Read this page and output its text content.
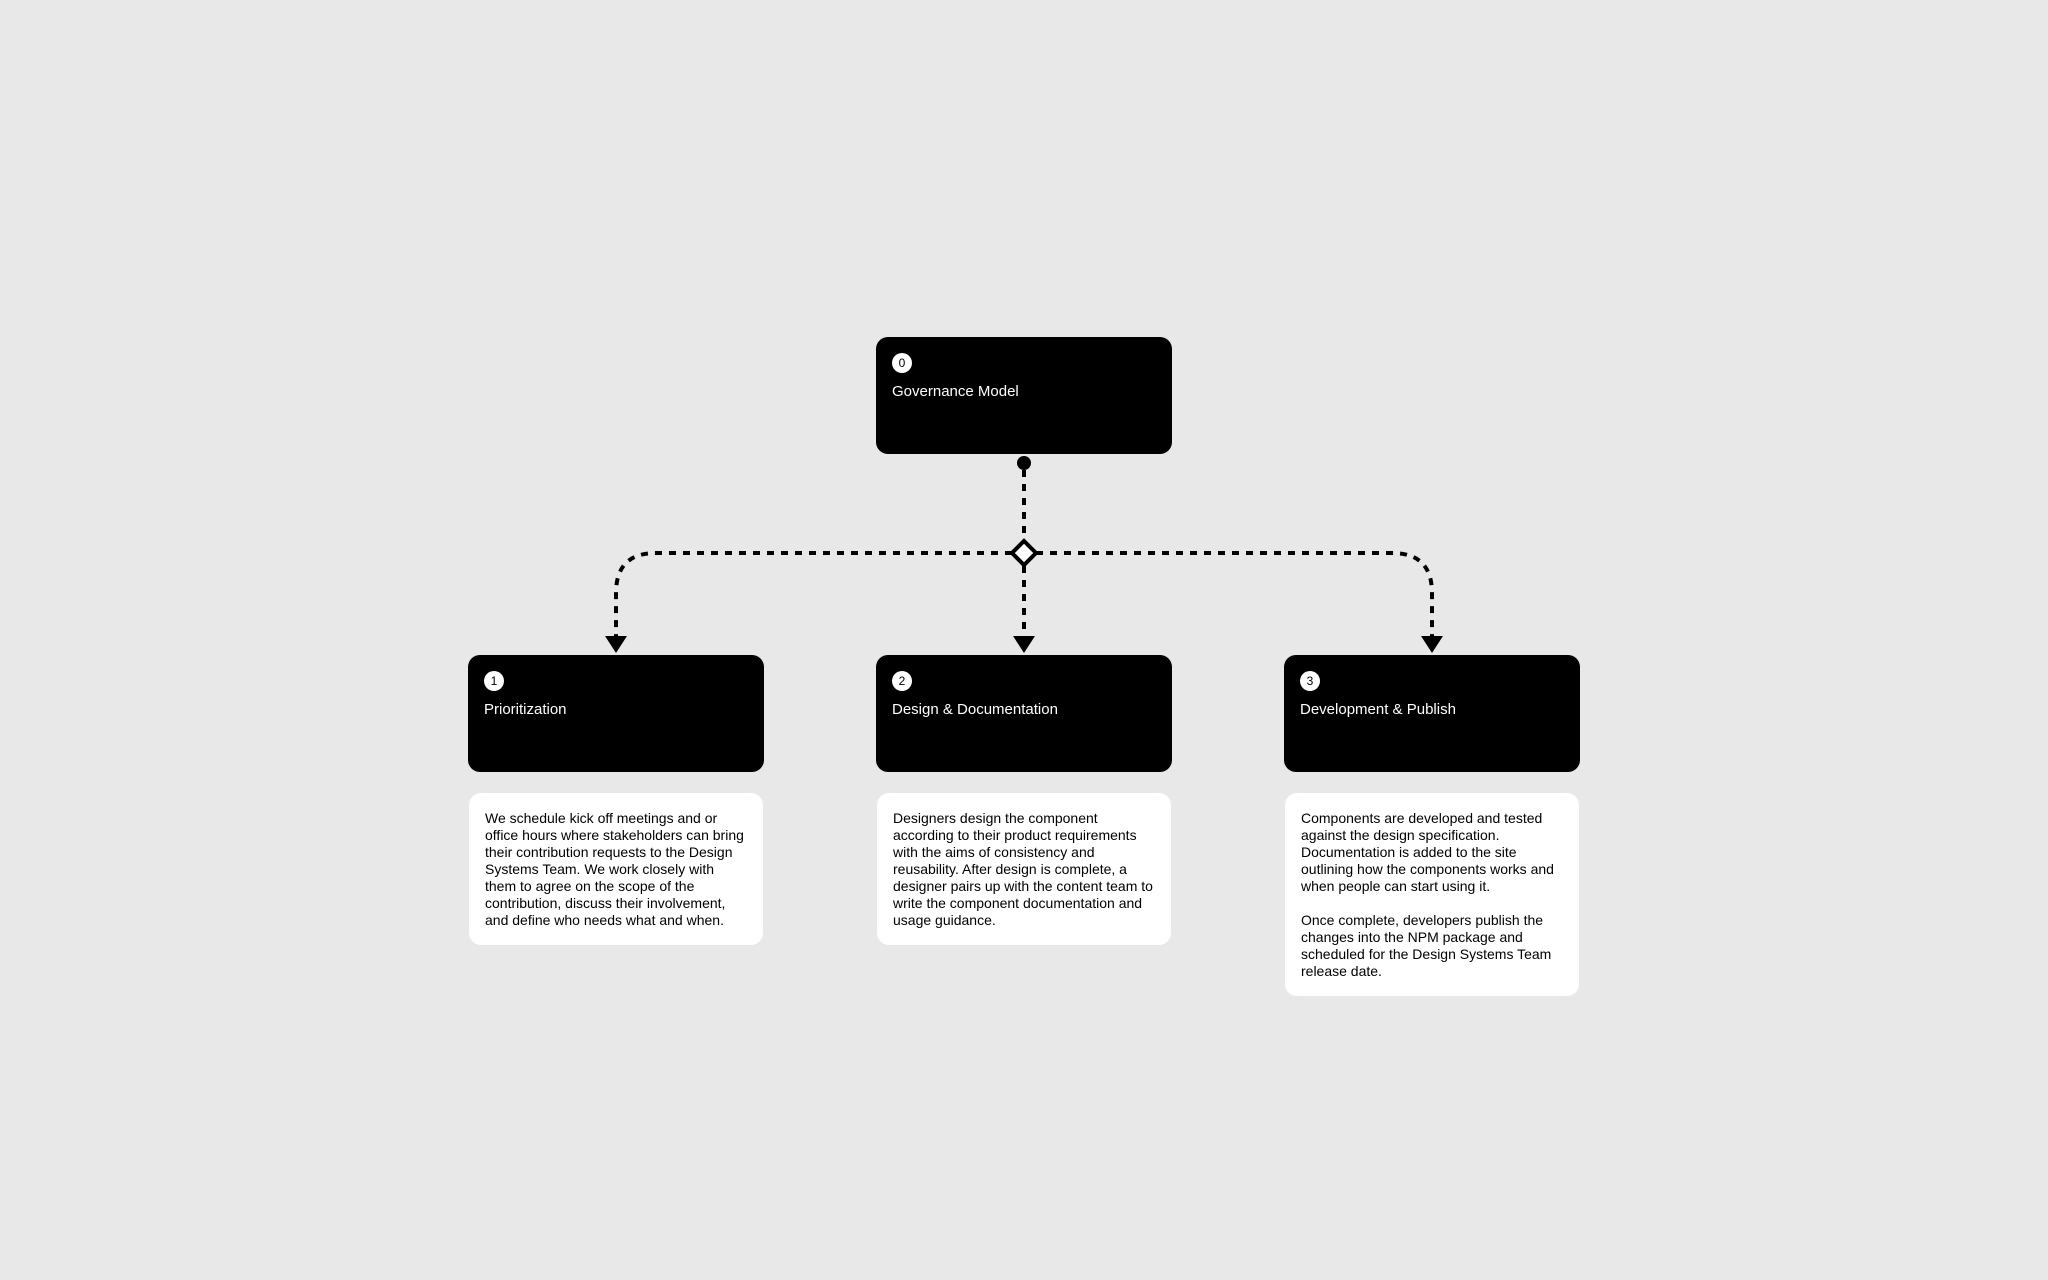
0
Governance Model
1
Prioritization

We schedule kick off meetings and or office hours where stakeholders can bring their contribution requests to the Design Systems Team. We work closely with them to agree on the scope of the contribution, discuss their involvement, and define who needs what and when.

2
Design & Documentation

Designers design the component according to their product requirements with the aims of consistency and reusability. After design is complete, a designer pairs up with the content team to write the component documentation and usage guidance.

3
Development & Publish

Components are developed and tested against the design specification. Documentation is added to the site outlining how the components works and when people can start using it.

Once complete, developers publish the changes into the NPM package and scheduled for the Design Systems Team release date.
